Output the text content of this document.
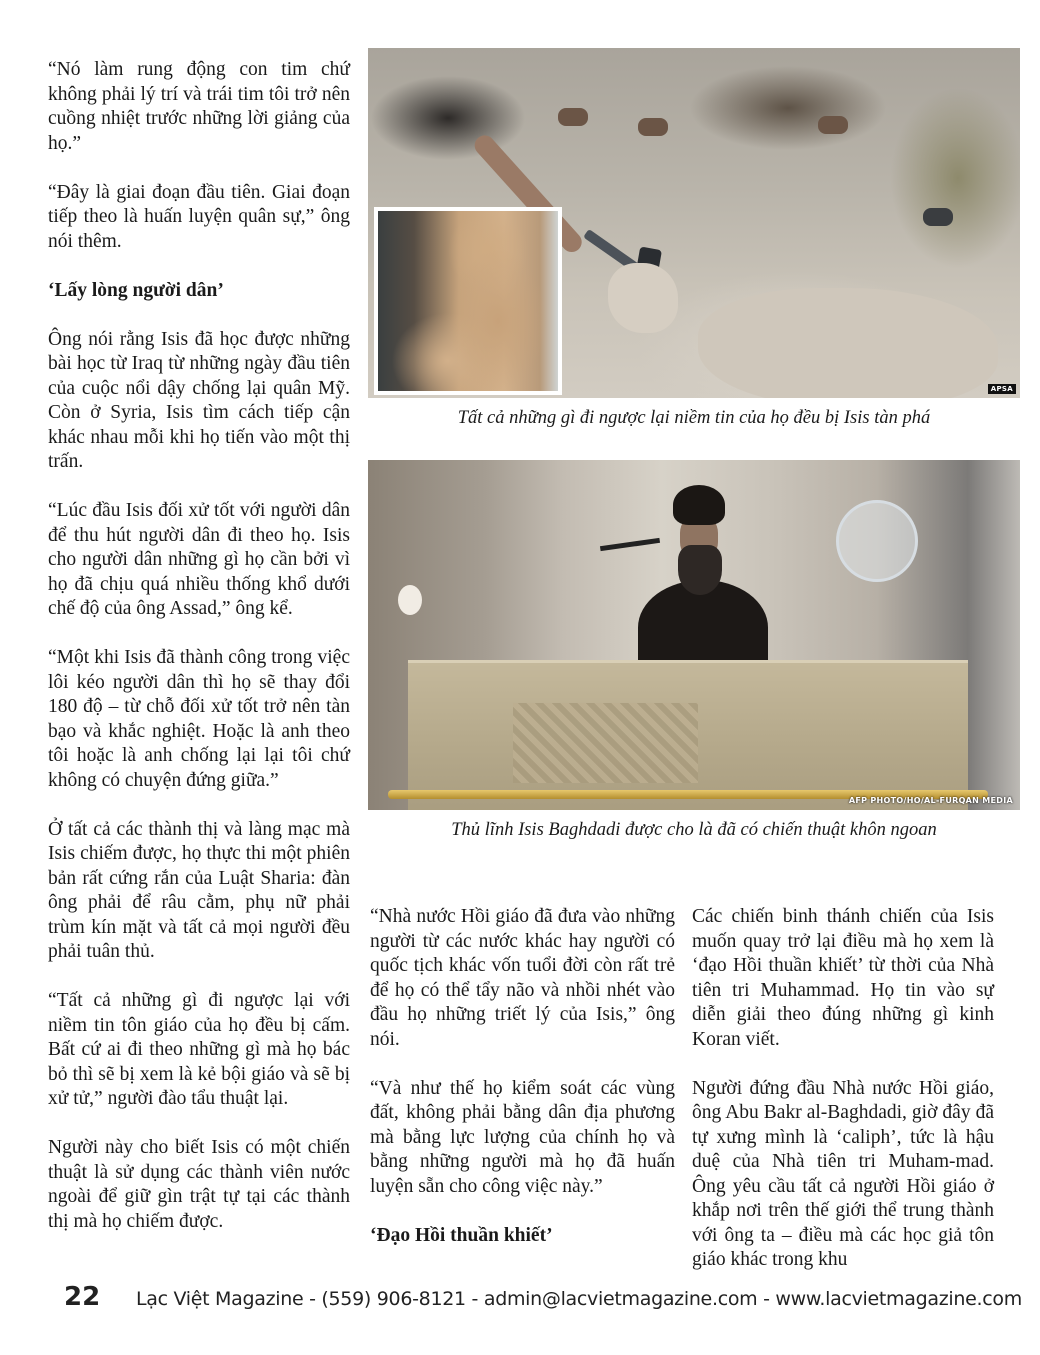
“Nó làm rung động con tim chứ không phải lý trí và trái tim tôi trở nên cuồng nhiệt trước những lời giảng của họ.”

“Đây là giai đoạn đầu tiên. Giai đoạn tiếp theo là huấn luyện quân sự,” ông nói thêm.

‘Lấy lòng người dân’

Ông nói rằng Isis đã học được những bài học từ Iraq từ những ngày đầu tiên của cuộc nổi dậy chống lại quân Mỹ. Còn ở Syria, Isis tìm cách tiếp cận khác nhau mỗi khi họ tiến vào một thị trấn.

“Lúc đầu Isis đối xử tốt với người dân để thu hút người dân đi theo họ. Isis cho người dân những gì họ cần bởi vì họ đã chịu quá nhiều thống khổ dưới chế độ của ông Assad,” ông kể.

“Một khi Isis đã thành công trong việc lôi kéo người dân thì họ sẽ thay đổi 180 độ – từ chỗ đối xử tốt trở nên tàn bạo và khắc nghiệt. Hoặc là anh theo tôi hoặc là anh chống lại lại tôi chứ không có chuyện đứng giữa.”

Ở tất cả các thành thị và làng mạc mà Isis chiếm được, họ thực thi một phiên bản rất cứng rắn của Luật Sharia: đàn ông phải để râu cằm, phụ nữ phải trùm kín mặt và tất cả mọi người đều phải tuân thủ.

“Tất cả những gì đi ngược lại với niềm tin tôn giáo của họ đều bị cấm. Bất cứ ai đi theo những gì mà họ bác bỏ thì sẽ bị xem là kẻ bội giáo và sẽ bị xử tử,” người đào tẩu thuật lại.

Người này cho biết Isis có một chiến thuật là sử dụng các thành viên nước ngoài để giữ gìn trật tự tại các thành thị mà họ chiếm được.

APSA
Tất cả những gì đi ngược lại niềm tin của họ đều bị Isis tàn phá
AFP PHOTO/HO/AL-FURQAN MEDIA
Thủ lĩnh Isis Baghdadi được cho là đã có chiến thuật khôn ngoan

“Nhà nước Hồi giáo đã đưa vào những người từ các nước khác hay người có quốc tịch khác vốn tuổi đời còn rất trẻ để họ có thể tẩy não và nhồi nhét vào đầu họ những triết lý của Isis,” ông nói.

“Và như thế họ kiểm soát các vùng đất, không phải bằng dân địa phương mà bằng lực lượng của chính họ và bằng những người mà họ đã huấn luyện sẵn cho công việc này.”

‘Đạo Hồi thuần khiết’

Các chiến binh thánh chiến của Isis muốn quay trở lại điều mà họ xem là ‘đạo Hồi thuần khiết’ từ thời của Nhà tiên tri Muhammad. Họ tin vào sự diễn giải theo đúng những gì kinh Koran viết.

Người đứng đầu Nhà nước Hồi giáo, ông Abu Bakr al-Baghdadi, giờ đây đã tự xưng mình là ‘caliph’, tức là hậu duệ của Nhà tiên tri Muham-mad. Ông yêu cầu tất cả người Hồi giáo ở khắp nơi trên thế giới thể trung thành với ông ta – điều mà các học giả tôn giáo khác trong khu

22	Lạc Việt Magazine - (559) 906-8121 - admin@lacvietmagazine.com - www.lacvietmagazine.com
